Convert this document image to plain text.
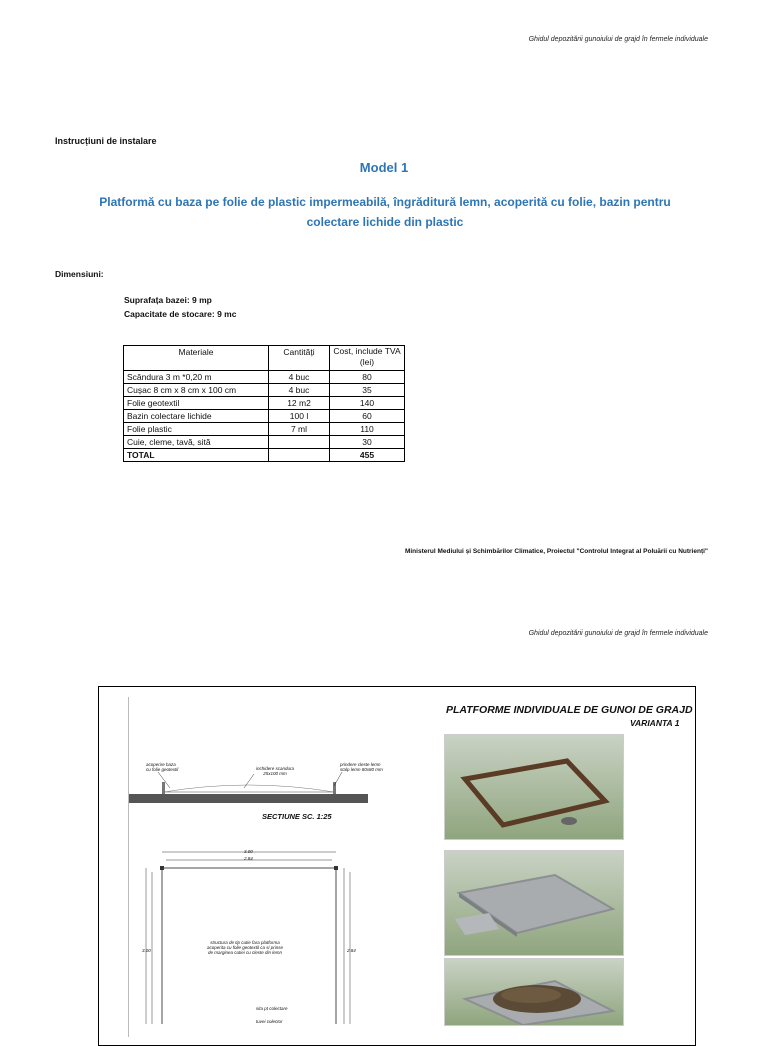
Ghidul depozitării gunoiului de grajd în fermele individuale
Instrucțiuni de instalare
Model 1
Platformă cu baza pe folie de plastic impermeabilă, îngrăditură lemn, acoperită cu folie, bazin pentru
colectare lichide din plastic
Dimensiuni:
Suprafața bazei: 9 mp
Capacitate de stocare: 9 mc
Materiale	Cantități	Cost, include TVA (lei)
Scândura 3 m *0,20 m	4 buc	80
Cușac 8 cm x 8 cm x 100 cm	4 buc	35
Folie geotextil	12 m2	140
Bazin colectare lichide	100 l	60
Folie plastic	7 ml	110
Cuie, cleme, tavă, sită		30
TOTAL		455
Ministerul Mediului și Schimbărilor Climatice, Proiectul "Controlul Integrat al Poluării cu Nutrienți"
Ghidul depozitării gunoiului de grajd în fermele individuale
PLATFORME INDIVIDUALE DE GUNOI DE GRAJD
VARIANTA 1
acoperire baza
cu folie geotextil	inchidere scandura
25x100 mm
prindere cleste lemn
stalp lemn 80x80 mm
SECTIUNE SC. 1:25
3.00
2.84
3.00	2.84
structura de tip cutie fara platforma
acoperita cu folie geotextil ca si prinse
de marginea cutiei cu cleste din lemn
sita pt colectare
tuvei colector
